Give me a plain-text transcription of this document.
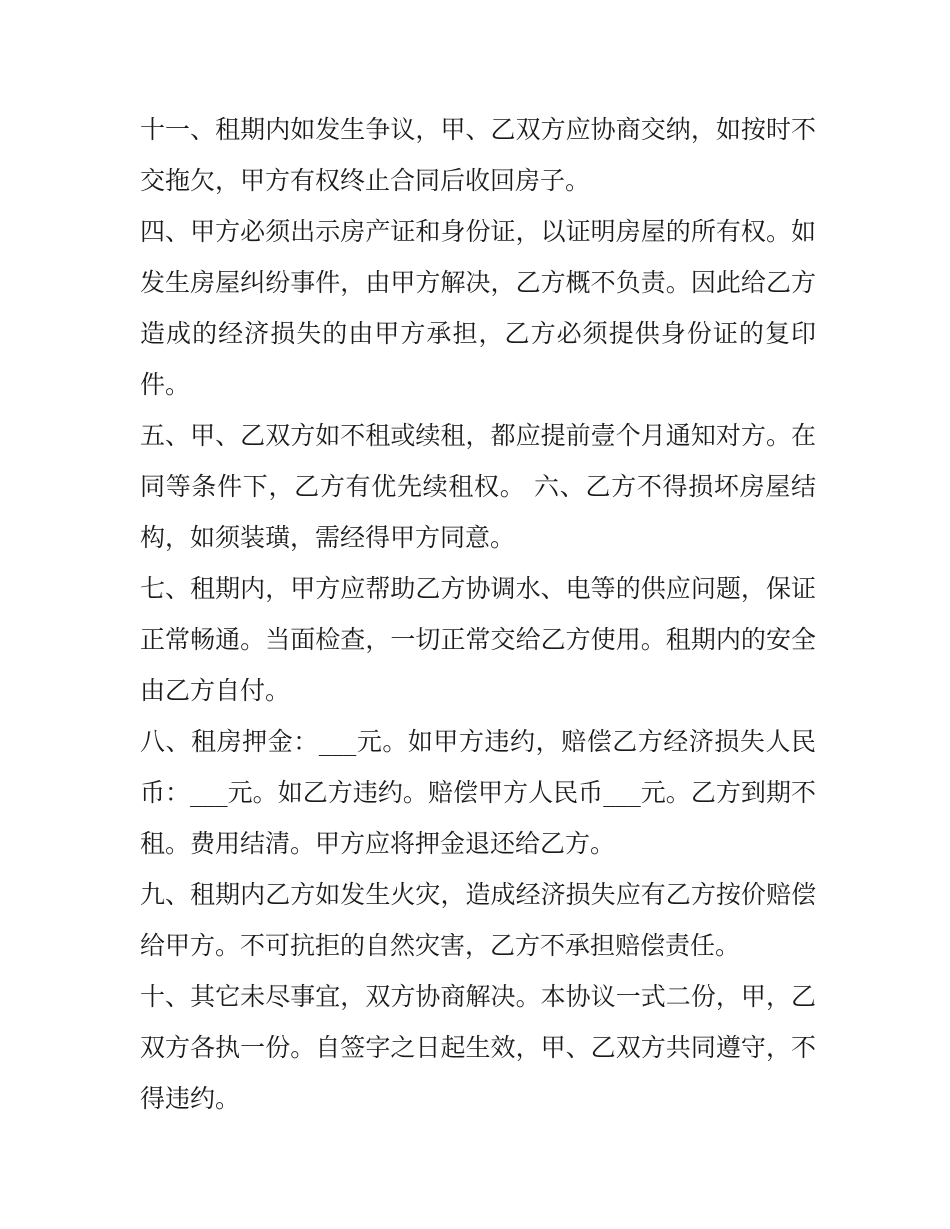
十一、租期内如发生争议，甲、乙双方应协商交纳，如按时不交拖欠，甲方有权终止合同后收回房子。

四、甲方必须出示房产证和身份证，以证明房屋的所有权。如发生房屋纠纷事件，由甲方解决，乙方概不负责。因此给乙方造成的经济损失的由甲方承担，乙方必须提供身份证的复印件。

五、甲、乙双方如不租或续租，都应提前壹个月通知对方。在同等条件下，乙方有优先续租权。 六、乙方不得损坏房屋结构，如须装璜，需经得甲方同意。

七、租期内，甲方应帮助乙方协调水、电等的供应问题，保证正常畅通。当面检查，一切正常交给乙方使用。租期内的安全由乙方自付。

八、租房押金：___元。如甲方违约，赔偿乙方经济损失人民币：___元。如乙方违约。赔偿甲方人民币___元。乙方到期不租。费用结清。甲方应将押金退还给乙方。

九、租期内乙方如发生火灾，造成经济损失应有乙方按价赔偿给甲方。不可抗拒的自然灾害，乙方不承担赔偿责任。

十、其它未尽事宜，双方协商解决。本协议一式二份，甲，乙双方各执一份。自签字之日起生效，甲、乙双方共同遵守，不得违约。
